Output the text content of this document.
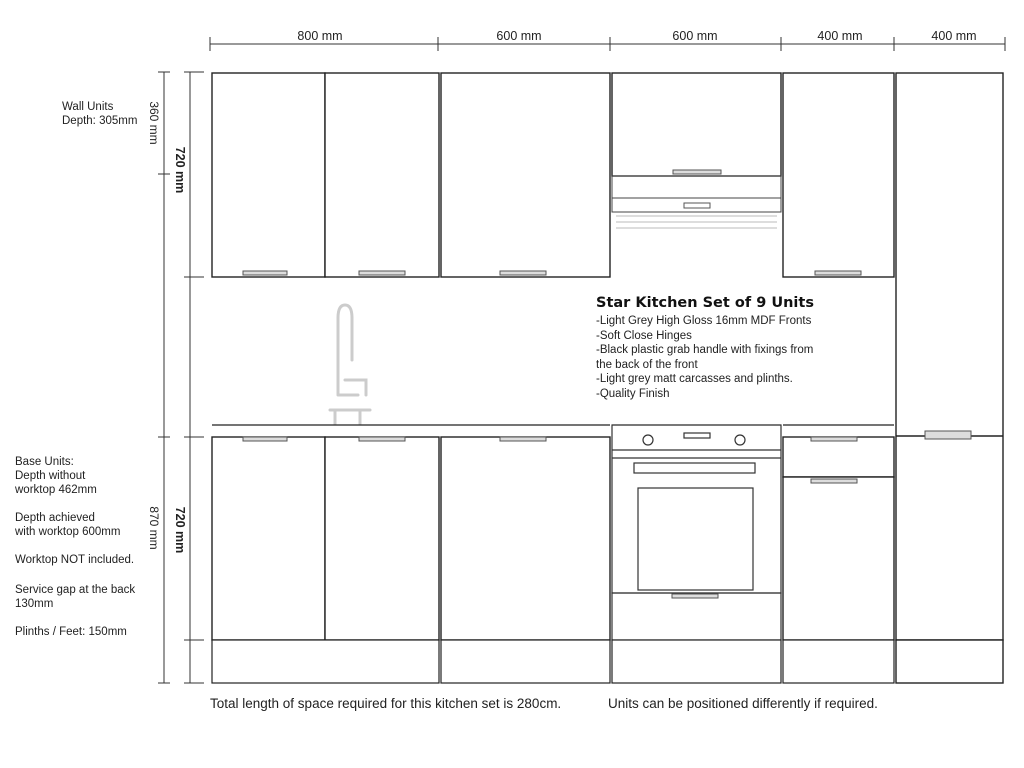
800 mm	600 mm	600 mm	400 mm	400 mm
360 mm
720 mm
870 mm 720 mm

Wall Units

Depth: 305mm

Base Units:

Depth without

worktop 462mm

Depth achieved

with worktop 600mm

Worktop NOT included.

Service gap at the back

130mm

Plinths / Feet: 150mm

Star Kitchen Set of 9 Units

-Light Grey High Gloss 16mm MDF Fronts

-Soft Close Hinges

-Black plastic grab handle with fixings from

the back of the front

-Light grey matt carcasses and plinths.

-Quality Finish

Total length of space required for this kitchen set is 280cm.	Units can be positioned differently if required.
